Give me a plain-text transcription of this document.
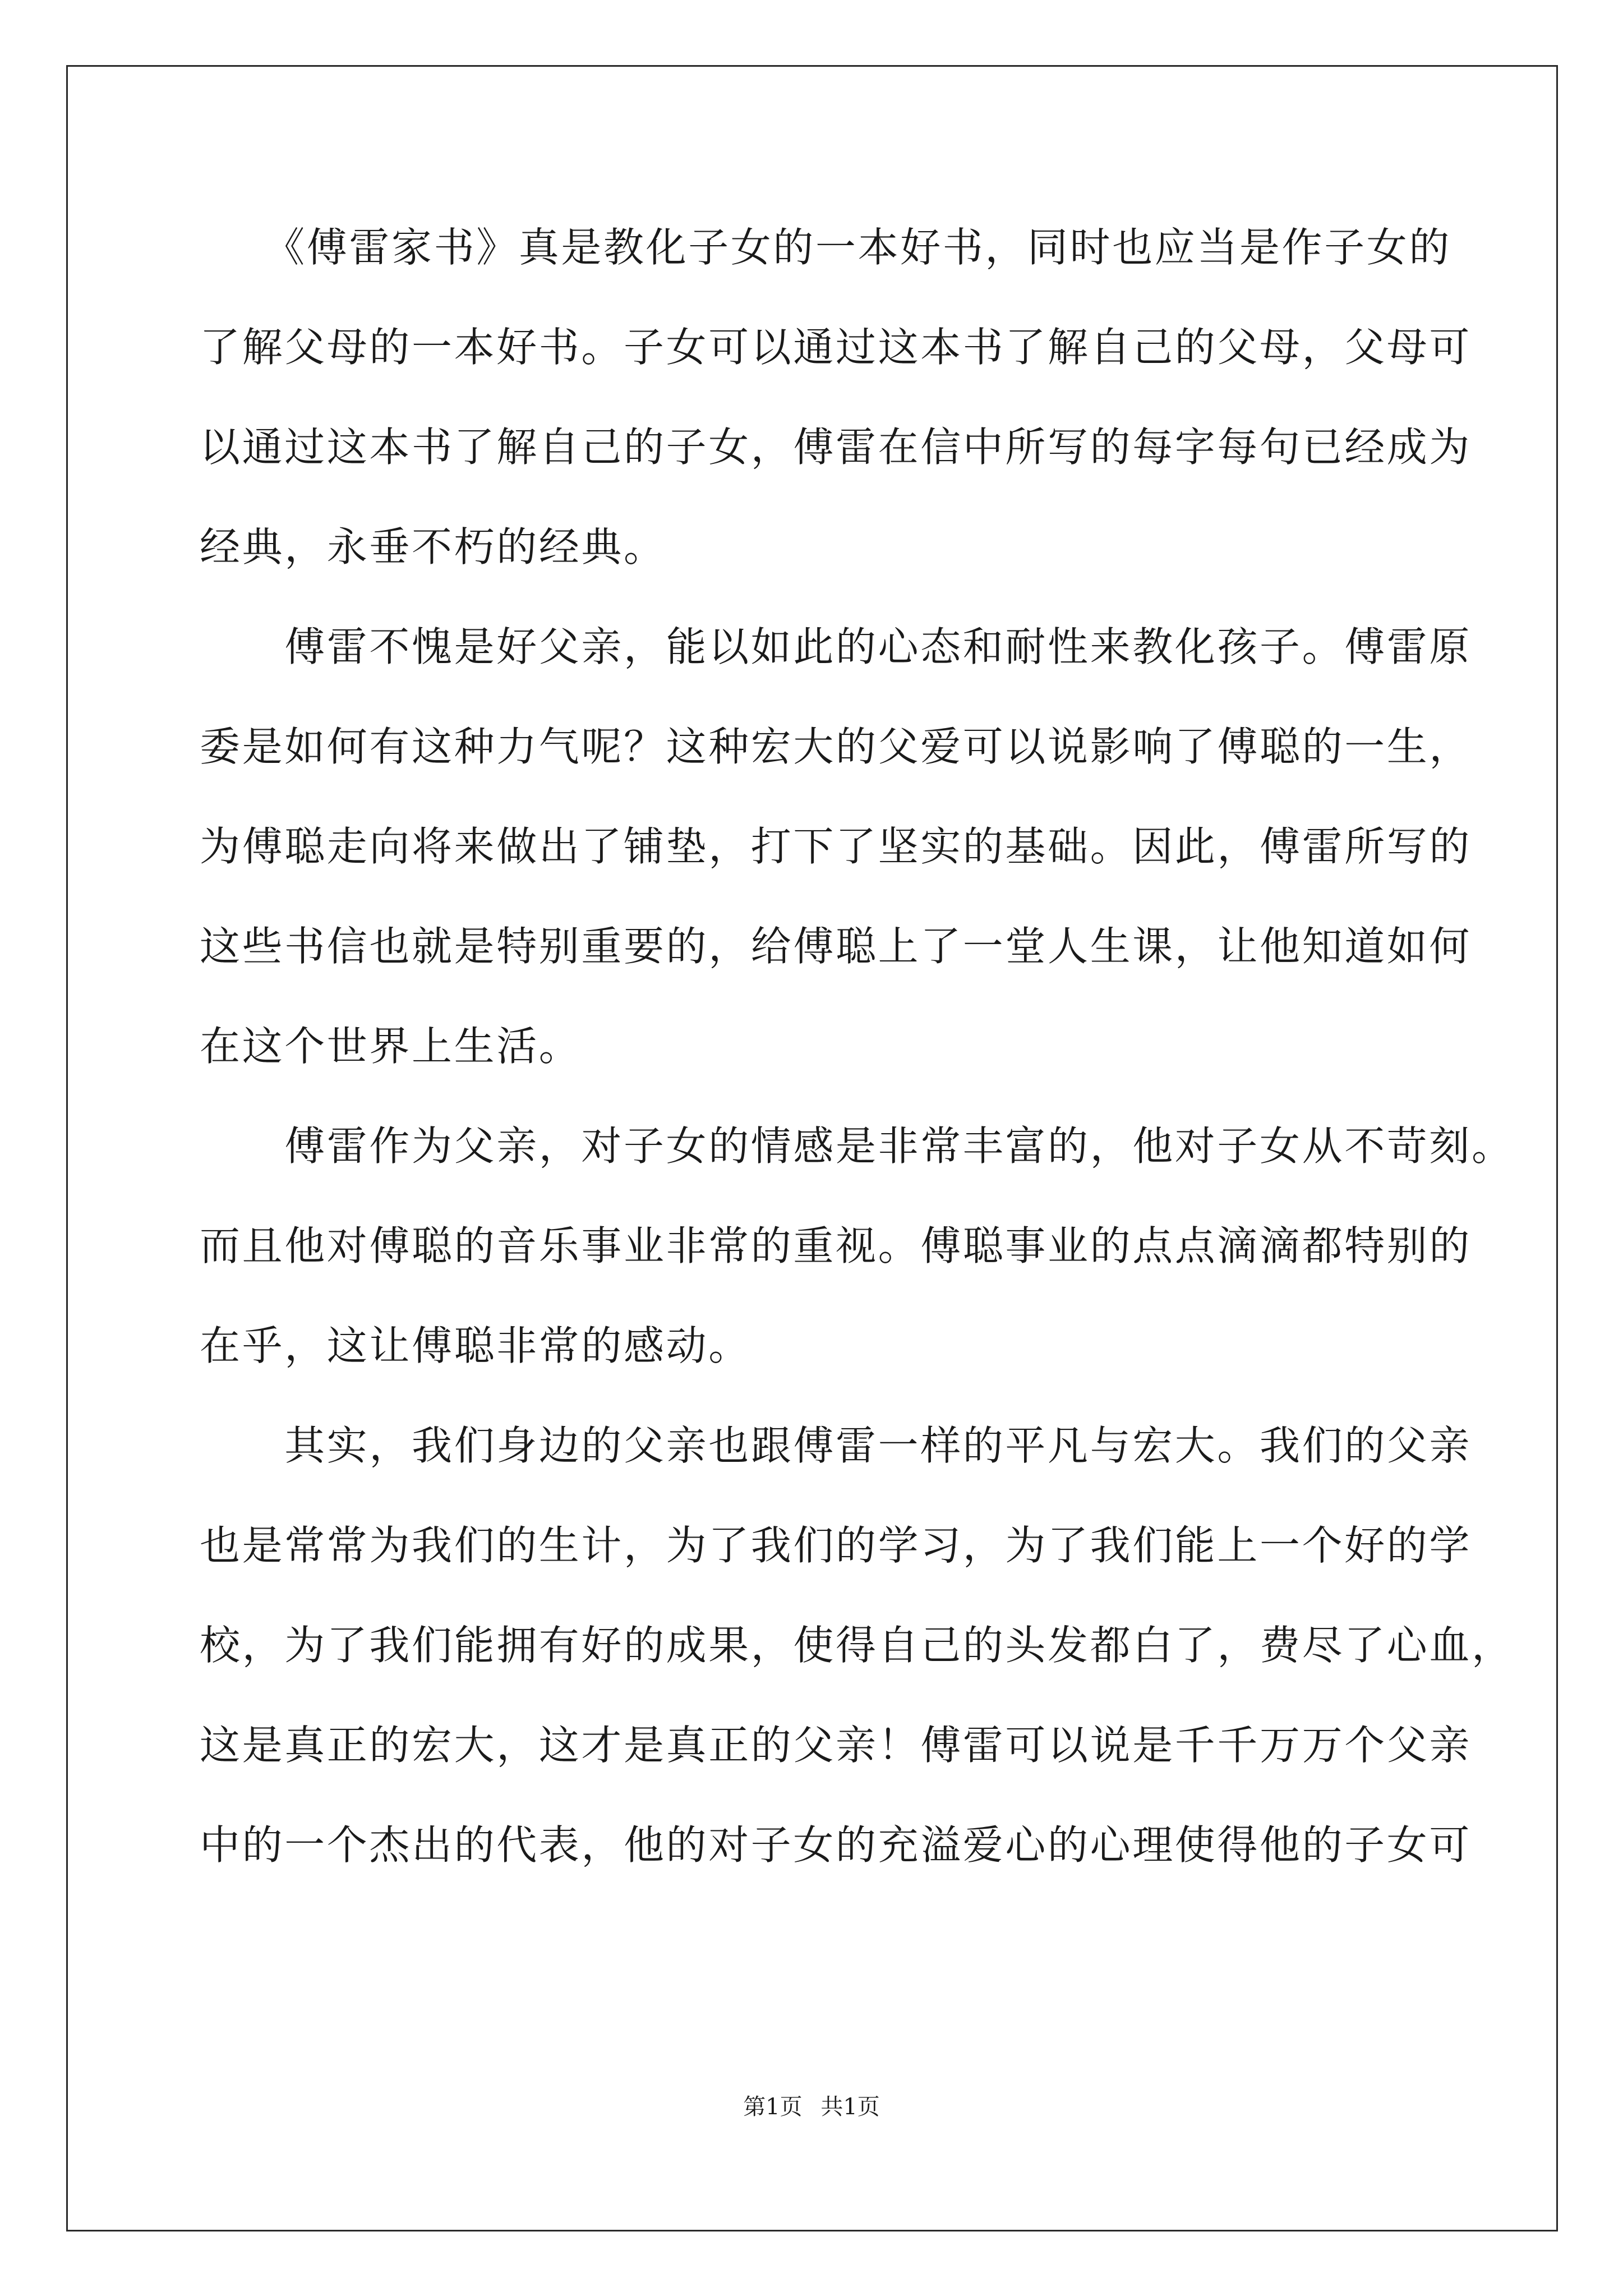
　　《傅雷家书》真是教化子女的一本好书，同时也应当是作子女的
了解父母的一本好书。子女可以通过这本书了解自己的父母，父母可
以通过这本书了解自己的子女，傅雷在信中所写的每字每句已经成为
经典，永垂不朽的经典。
　　傅雷不愧是好父亲，能以如此的心态和耐性来教化孩子。傅雷原
委是如何有这种力气呢？这种宏大的父爱可以说影响了傅聪的一生，
为傅聪走向将来做出了铺垫，打下了坚实的基础。因此，傅雷所写的
这些书信也就是特别重要的，给傅聪上了一堂人生课，让他知道如何
在这个世界上生活。
　　傅雷作为父亲，对子女的情感是非常丰富的，他对子女从不苛刻。
而且他对傅聪的音乐事业非常的重视。傅聪事业的点点滴滴都特别的
在乎，这让傅聪非常的感动。
　　其实，我们身边的父亲也跟傅雷一样的平凡与宏大。我们的父亲
也是常常为我们的生计，为了我们的学习，为了我们能上一个好的学
校，为了我们能拥有好的成果，使得自己的头发都白了，费尽了心血，
这是真正的宏大，这才是真正的父亲！傅雷可以说是千千万万个父亲
中的一个杰出的代表，他的对子女的充溢爱心的心理使得他的子女可
第1页 共1页
